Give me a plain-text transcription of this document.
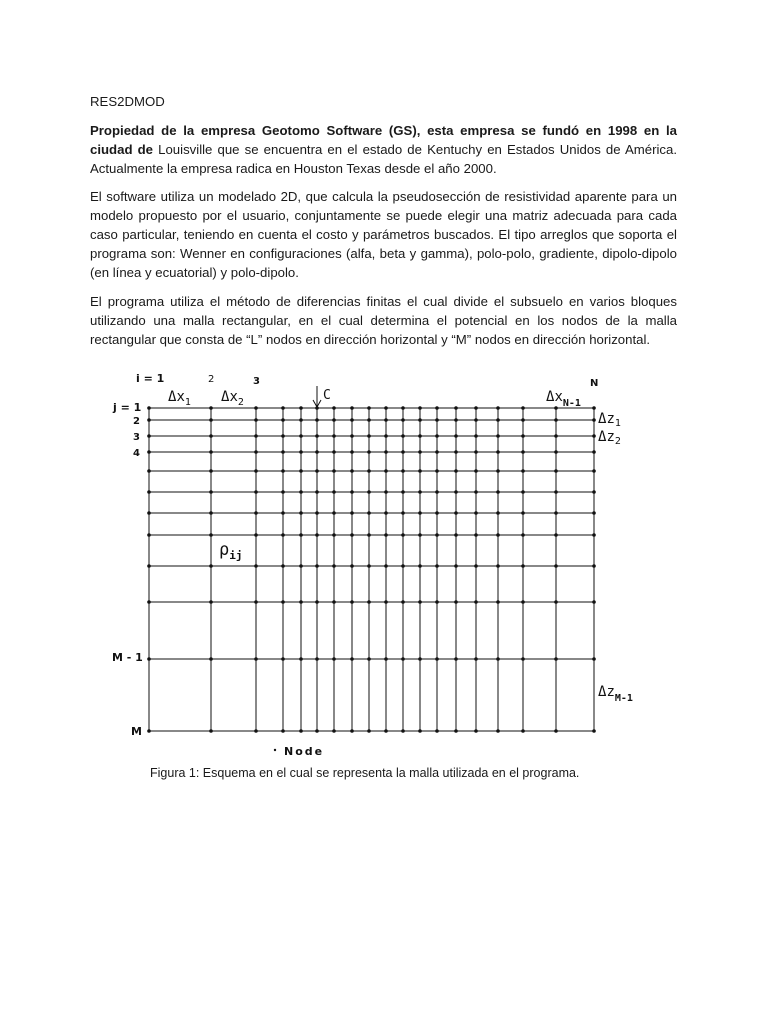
RES2DMOD

Propiedad de la empresa Geotomo Software (GS), esta empresa se fundó en 1998 en la ciudad de Louisville que se encuentra en el estado de Kentuchy en Estados Unidos de América. Actualmente la empresa radica en Houston Texas desde el año 2000.

El software utiliza un modelado 2D, que calcula la pseudosección de resistividad aparente para un modelo propuesto por el usuario, conjuntamente se puede elegir una matriz adecuada para cada caso particular, teniendo en cuenta el costo y parámetros buscados. El tipo arreglos que soporta el programa son: Wenner en configuraciones (alfa, beta y gamma), polo-polo, gradiente, dipolo-dipolo (en línea y ecuatorial) y polo-dipolo.

El programa utiliza el método de diferencias finitas el cual divide el subsuelo en varios bloques utilizando una malla rectangular, en el cual determina el potencial en los nodos de la malla rectangular que consta de “L” nodos en dirección horizontal y “M” nodos en dirección horizontal.

i = 1	2	3	N
j = 1
2
3
4
M - 1
M
$\Delta x_1$ $\Delta x_2$	$\Delta x_{N-1}$
$\Delta z_1$
$\Delta z_2$
$\Delta z_{M-1}$
C
$\rho_{ij}$
Node
Figura 1: Esquema en el cual se representa la malla utilizada en el programa.
